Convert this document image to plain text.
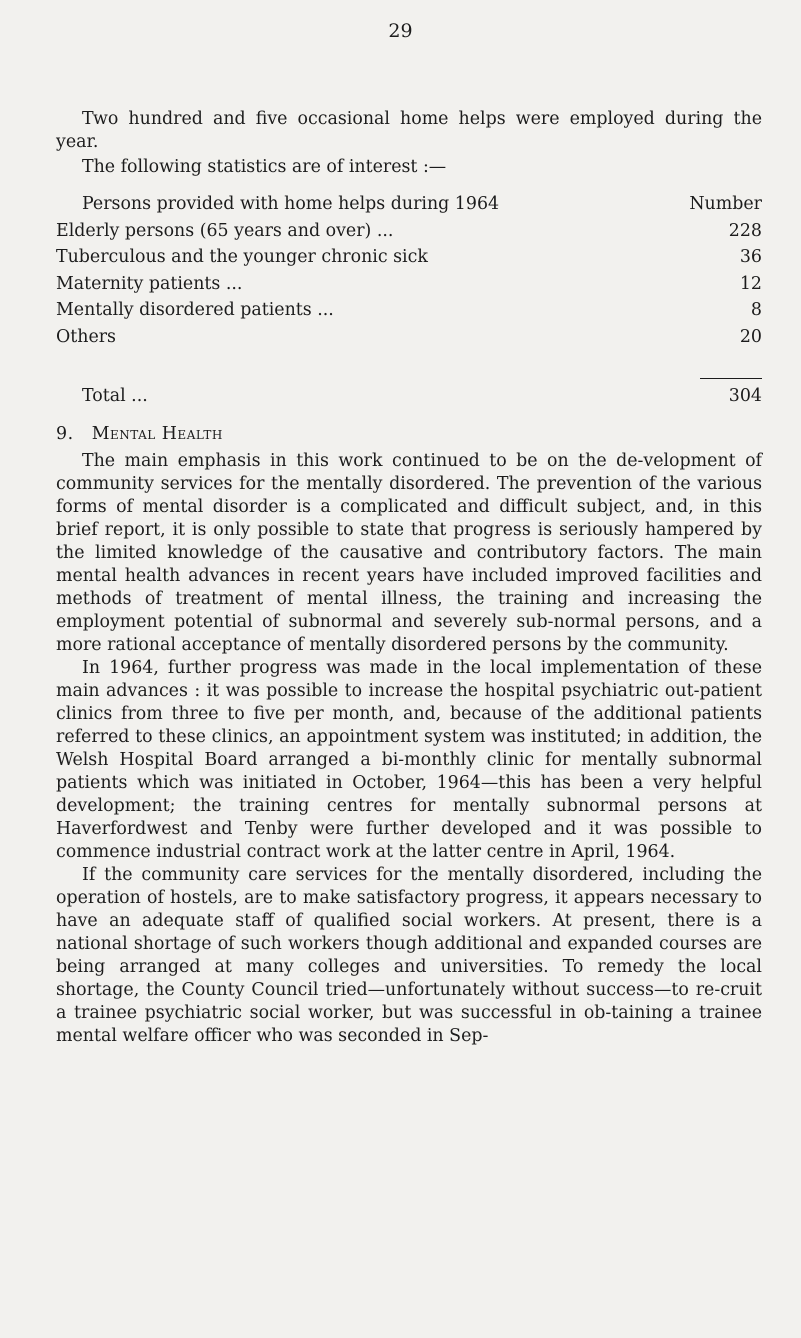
29

Two hundred and five occasional home helps were employed during the year.

The following statistics are of interest :—

Persons provided with home helps during 1964	Number
Elderly persons (65 years and over) ...	228
Tuberculous and the younger chronic sick	36
Maternity patients ...	12
Mentally disordered patients ...	8
Others	20
Total ...	304
9. Mental Health

The main emphasis in this work continued to be on the de-velopment of community services for the mentally disordered. The prevention of the various forms of mental disorder is a complicated and difficult subject, and, in this brief report, it is only possible to state that progress is seriously hampered by the limited knowledge of the causative and contributory factors. The main mental health advances in recent years have included improved facilities and methods of treatment of mental illness, the training and increasing the employment potential of subnormal and severely sub-normal persons, and a more rational acceptance of mentally disordered persons by the community.

In 1964, further progress was made in the local implementation of these main advances : it was possible to increase the hospital psychiatric out-patient clinics from three to five per month, and, because of the additional patients referred to these clinics, an appointment system was instituted; in addition, the Welsh Hospital Board arranged a bi-monthly clinic for mentally subnormal patients which was initiated in October, 1964—this has been a very helpful development; the training centres for mentally subnormal persons at Haverfordwest and Tenby were further developed and it was possible to commence industrial contract work at the latter centre in April, 1964.

If the community care services for the mentally disordered, including the operation of hostels, are to make satisfactory progress, it appears necessary to have an adequate staff of qualified social workers. At present, there is a national shortage of such workers though additional and expanded courses are being arranged at many colleges and universities. To remedy the local shortage, the County Council tried—unfortunately without success—to re-cruit a trainee psychiatric social worker, but was successful in ob-taining a trainee mental welfare officer who was seconded in Sep-
